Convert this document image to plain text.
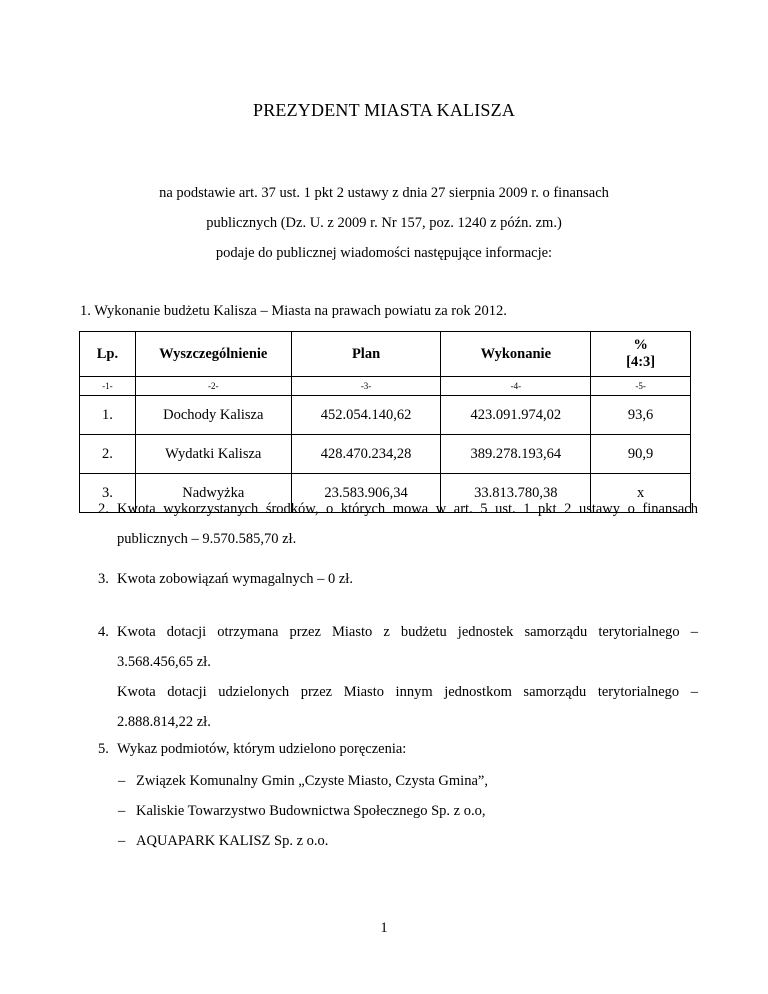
PREZYDENT MIASTA KALISZA
na podstawie art. 37 ust. 1 pkt 2 ustawy z dnia 27 sierpnia 2009 r. o finansach
publicznych (Dz. U. z 2009 r. Nr 157, poz. 1240 z późn. zm.)
podaje do publicznej wiadomości następujące informacje:
1. Wykonanie budżetu Kalisza – Miasta na prawach powiatu za rok 2012.
Lp.	Wyszczególnienie	Plan	Wykonanie	%
[4:3]

-1-	-2-	-3-	-4-	-5-
1.	Dochody Kalisza	452.054.140,62	423.091.974,02	93,6
2.	Wydatki Kalisza	428.470.234,28	389.278.193,64	90,9
3.	Nadwyżka	23.583.906,34	33.813.780,38	x
2. Kwota wykorzystanych środków, o których mowa w art. 5 ust. 1 pkt 2 ustawy o finansach
publicznych – 9.570.585,70 zł.
3. Kwota zobowiązań wymagalnych – 0 zł.
4. Kwota dotacji otrzymana przez Miasto z budżetu jednostek samorządu terytorialnego –
3.568.456,65 zł.
Kwota dotacji udzielonych przez Miasto innym jednostkom samorządu terytorialnego –
2.888.814,22 zł.
5. Wykaz podmiotów, którym udzielono poręczenia:
– Związek Komunalny Gmin „Czyste Miasto, Czysta Gmina”,
– Kaliskie Towarzystwo Budownictwa Społecznego Sp. z o.o,
– AQUAPARK KALISZ Sp. z o.o.
1
